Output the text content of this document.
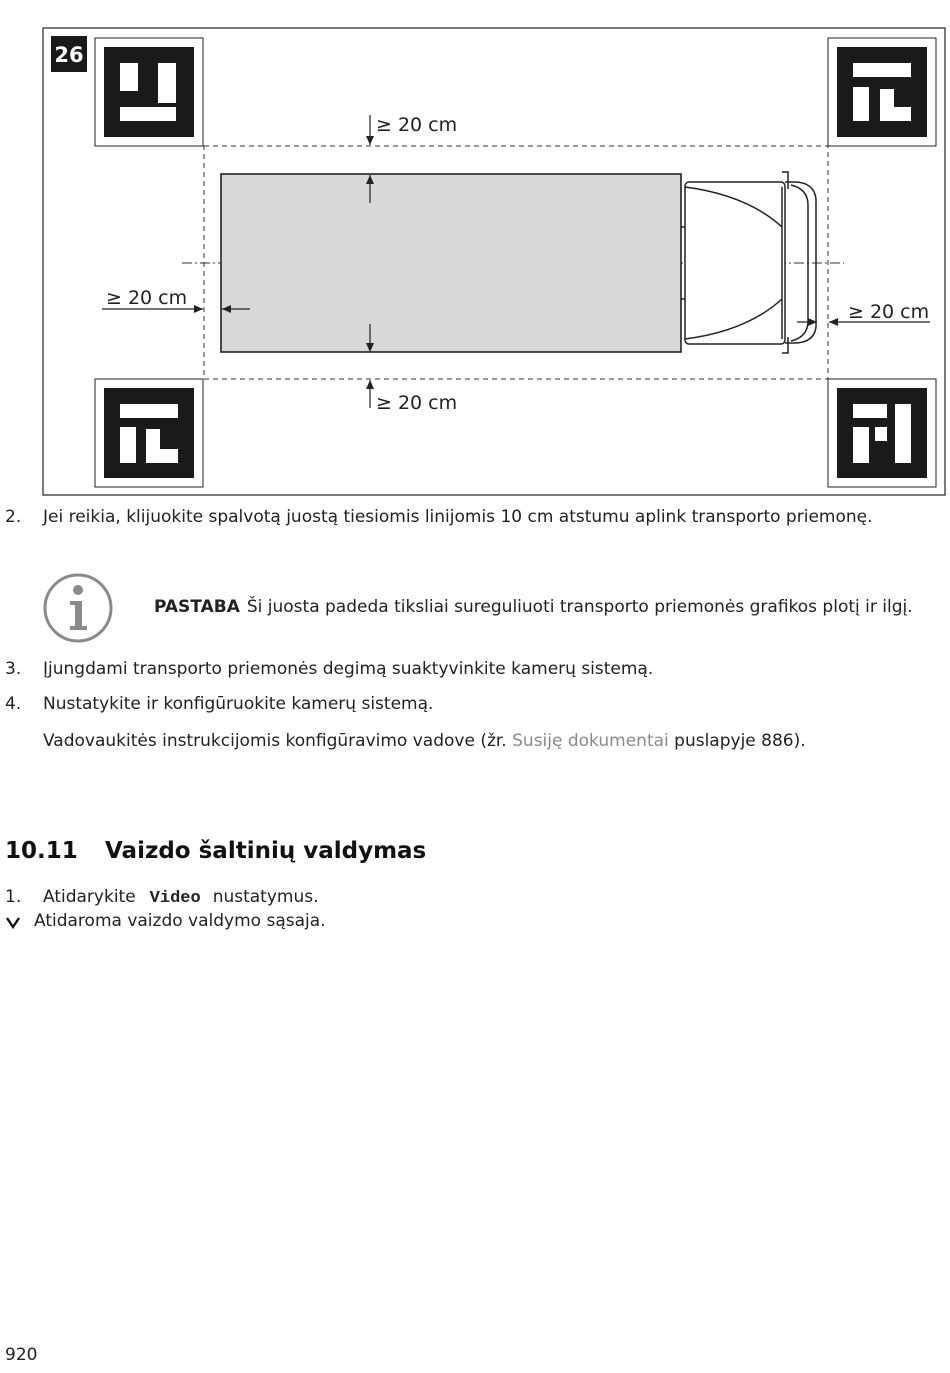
26
≥ 20 cm
≥ 20 cm
≥ 20 cm
≥ 20 cm
2. Jei reikia, klijuokite spalvotą juostą tiesiomis linijomis 10 cm atstumu aplink transporto priemonę.
PASTABA Ši juosta padeda tiksliai sureguliuoti transporto priemonės grafikos plotį ir ilgį.
3. Įjungdami transporto priemonės degimą suaktyvinkite kamerų sistemą.
4. Nustatykite ir konfigūruokite kamerų sistemą.
Vadovaukitės instrukcijomis konfigūravimo vadove (žr. Susiję dokumentai puslapyje 886).
10.11 Vaizdo šaltinių valdymas
1. Atidarykite Video nustatymus.
Atidaroma vaizdo valdymo sąsaja.
920
